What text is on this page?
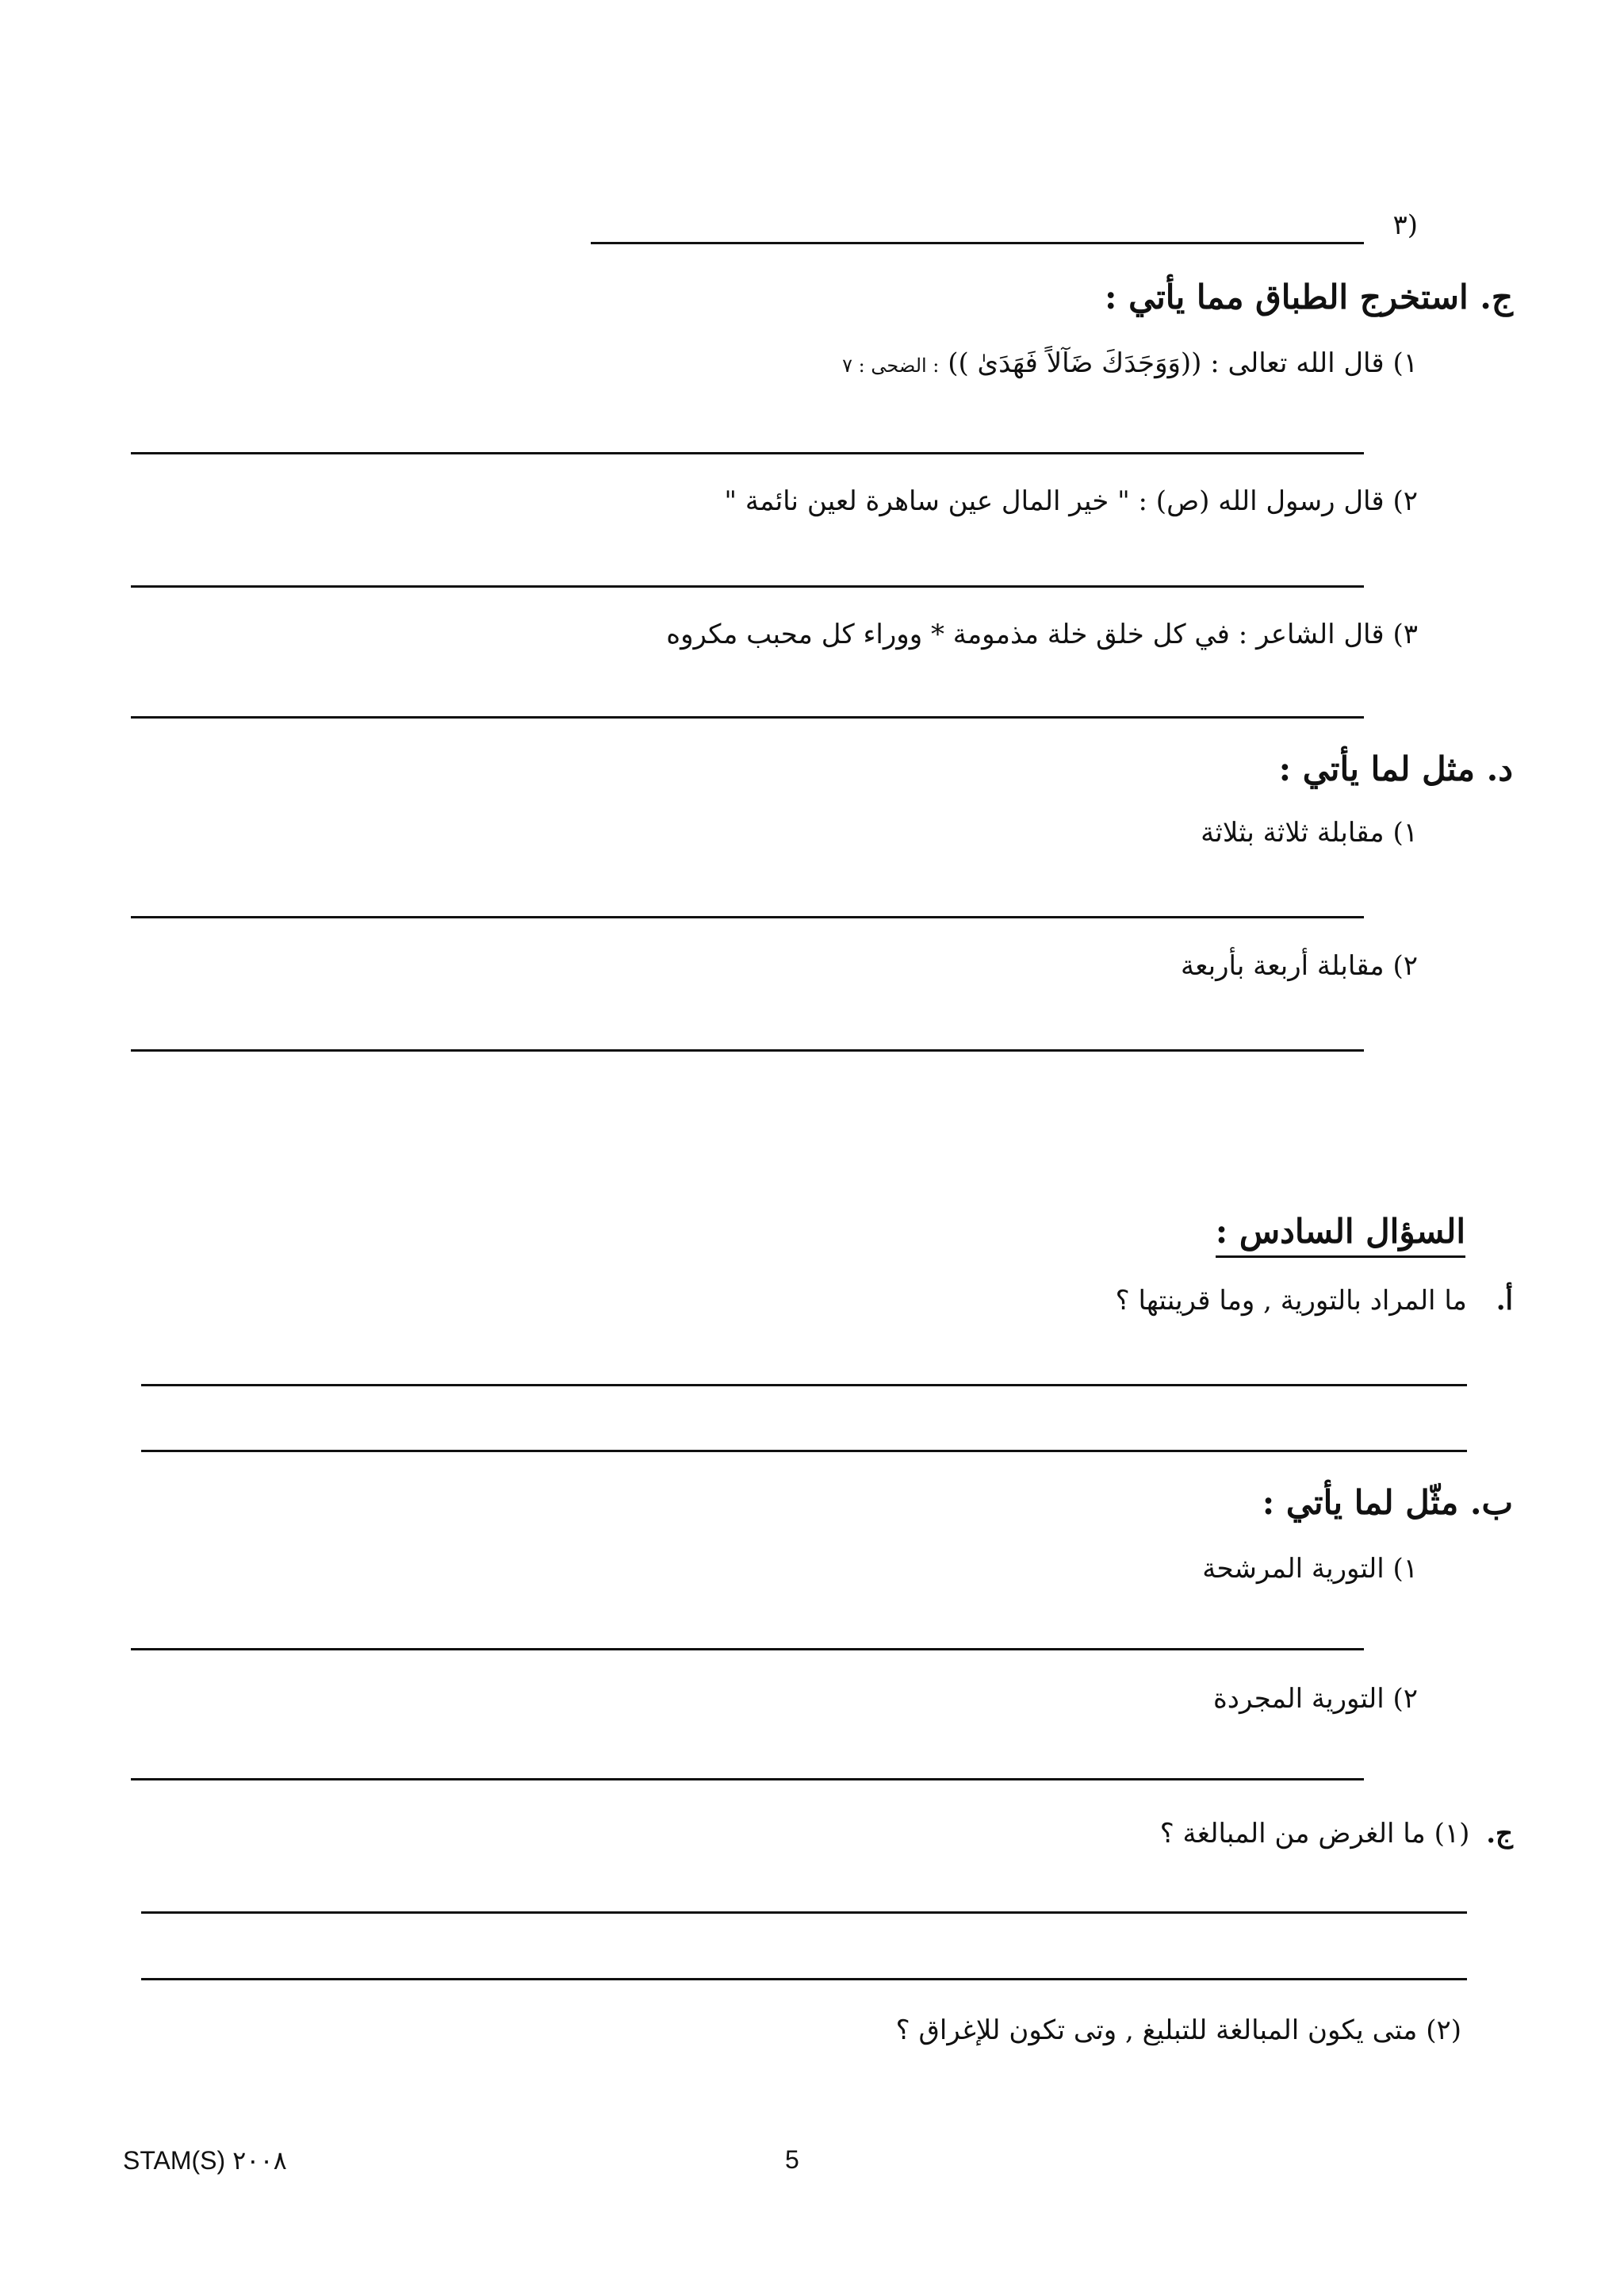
٣)
ج. استخرج الطباق مما يأتي :
١) قال الله تعالى : ((وَوَجَدَكَ ضَآلاً فَهَدَىٰ )) : الضحى : ٧
٢) قال رسول الله (ص) : " خير المال عين ساهرة لعين نائمة "
٣) قال الشاعر : في كل خلق خلة مذمومة * ووراء كل محبب مكروه
د. مثل لما يأتي :
١) مقابلة ثلاثة بثلاثة
٢) مقابلة أربعة بأربعة
السؤال السادس :
أ. ما المراد بالتورية , وما قرينتها ؟
ب. مثّل لما يأتي :
١) التورية المرشحة
٢) التورية المجردة
ج. (١) ما الغرض من المبالغة ؟
(٢) متى يكون المبالغة للتبليغ , وتى تكون للإغراق ؟
STAM(S) ٢٠٠٨	5
